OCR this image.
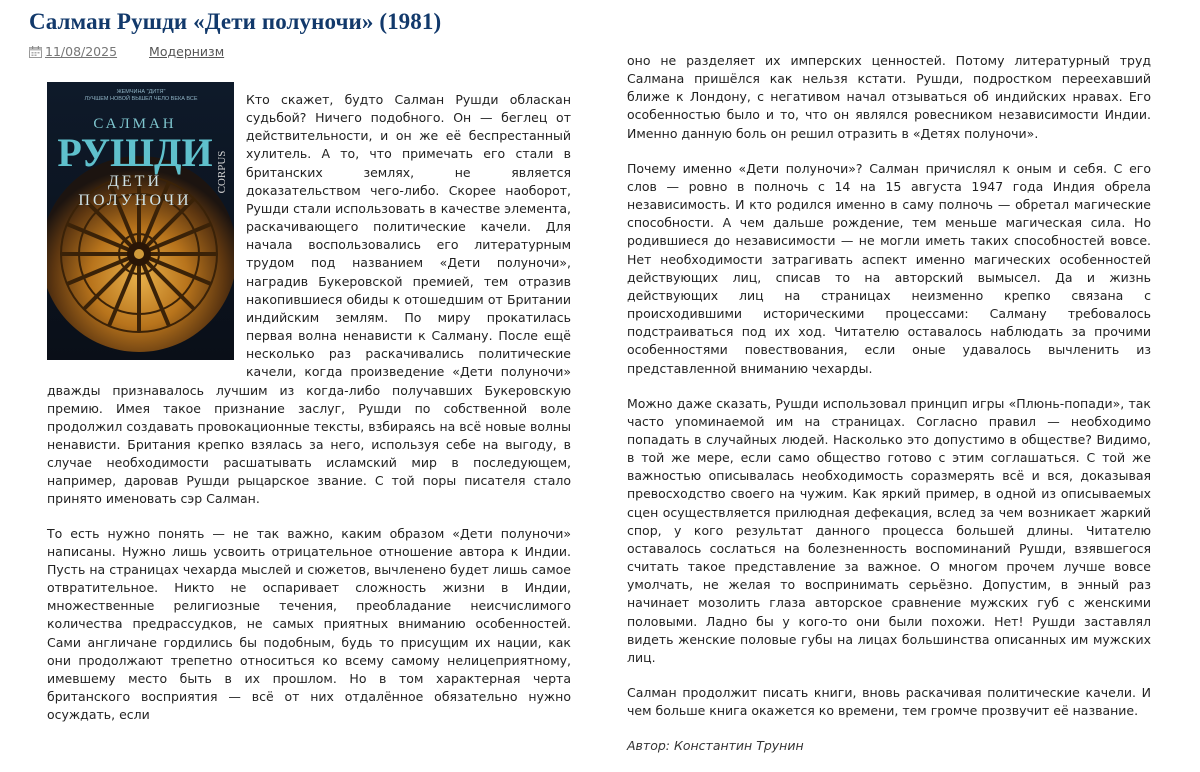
Салман Рушди «Дети полуночи» (1981)
11/08/2025	Модернизм
ЖЕМЧИНА "ДИТЯ"
ЛУЧШЕМ НОВОЙ ВЫШЕЛ ЧЕЛО ВЕКА ВСЕ
САЛМАН
РУШДИ
ДЕТИ
ПОЛУНОЧИ
CORPUS

Кто скажет, будто Салман Рушди обласкан судьбой? Ничего подобного. Он — беглец от действительности, и он же её беспрестанный хулитель. А то, что примечать его стали в британских землях, не является доказательством чего-либо. Скорее наоборот, Рушди стали использовать в качестве элемента, раскачивающего политические качели. Для начала воспользовались его литературным трудом под названием «Дети полуночи», наградив Букеровской премией, тем отразив накопившиеся обиды к отошедшим от Британии индийским землям. По миру прокатилась первая волна ненависти к Салману. После ещё несколько раз раскачивались политические качели, когда произведение «Дети полуночи» дважды признавалось лучшим из когда-либо получавших Букеровскую премию. Имея такое признание заслуг, Рушди по собственной воле продолжил создавать провокационные тексты, взбираясь на всё новые волны ненависти. Британия крепко взялась за него, используя себе на выгоду, в случае необходимости расшатывать исламский мир в последующем, например, даровав Рушди рыцарское звание. С той поры писателя стало принято именовать сэр Салман.

То есть нужно понять — не так важно, каким образом «Дети полуночи» написаны. Нужно лишь усвоить отрицательное отношение автора к Индии. Пусть на страницах чехарда мыслей и сюжетов, вычленено будет лишь самое отвратительное. Никто не оспаривает сложность жизни в Индии, множественные религиозные течения, преобладание неисчислимого количества предрассудков, не самых приятных вниманию особенностей. Сами англичане гордились бы подобным, будь то присущим их нации, как они продолжают трепетно относиться ко всему самому нелицеприятному, имевшему место быть в их прошлом. Но в том характерная черта британского восприятия — всё от них отдалённое обязательно нужно осуждать, если

оно не разделяет их имперских ценностей. Потому литературный труд Салмана пришёлся как нельзя кстати. Рушди, подростком переехавший ближе к Лондону, с негативом начал отзываться об индийских нравах. Его особенностью было и то, что он являлся ровесником независимости Индии. Именно данную боль он решил отразить в «Детях полуночи».

Почему именно «Дети полуночи»? Салман причислял к оным и себя. С его слов — ровно в полночь с 14 на 15 августа 1947 года Индия обрела независимость. И кто родился именно в саму полночь — обретал магические способности. А чем дальше рождение, тем меньше магическая сила. Но родившиеся до независимости — не могли иметь таких способностей вовсе. Нет необходимости затрагивать аспект именно магических особенностей действующих лиц, списав то на авторский вымысел. Да и жизнь действующих лиц на страницах неизменно крепко связана с происходившими историческими процессами: Салману требовалось подстраиваться под их ход. Читателю оставалось наблюдать за прочими особенностями повествования, если оные удавалось вычленить из представленной вниманию чехарды.

Можно даже сказать, Рушди использовал принцип игры «Плюнь-попади», так часто упоминаемой им на страницах. Согласно правил — необходимо попадать в случайных людей. Насколько это допустимо в обществе? Видимо, в той же мере, если само общество готово с этим соглашаться. С той же важностью описывалась необходимость соразмерять всё и вся, доказывая превосходство своего на чужим. Как яркий пример, в одной из описываемых сцен осуществляется прилюдная дефекация, вслед за чем возникает жаркий спор, у кого результат данного процесса большей длины. Читателю оставалось сослаться на болезненность воспоминаний Рушди, взявшегося считать такое представление за важное. О многом прочем лучше вовсе умолчать, не желая то воспринимать серьёзно. Допустим, в энный раз начинает мозолить глаза авторское сравнение мужских губ с женскими половыми. Ладно бы у кого-то они были похожи. Нет! Рушди заставлял видеть женские половые губы на лицах большинства описанных им мужских лиц.

Салман продолжит писать книги, вновь раскачивая политические качели. И чем больше книга окажется ко времени, тем громче прозвучит её название.

Автор: Константин Трунин
